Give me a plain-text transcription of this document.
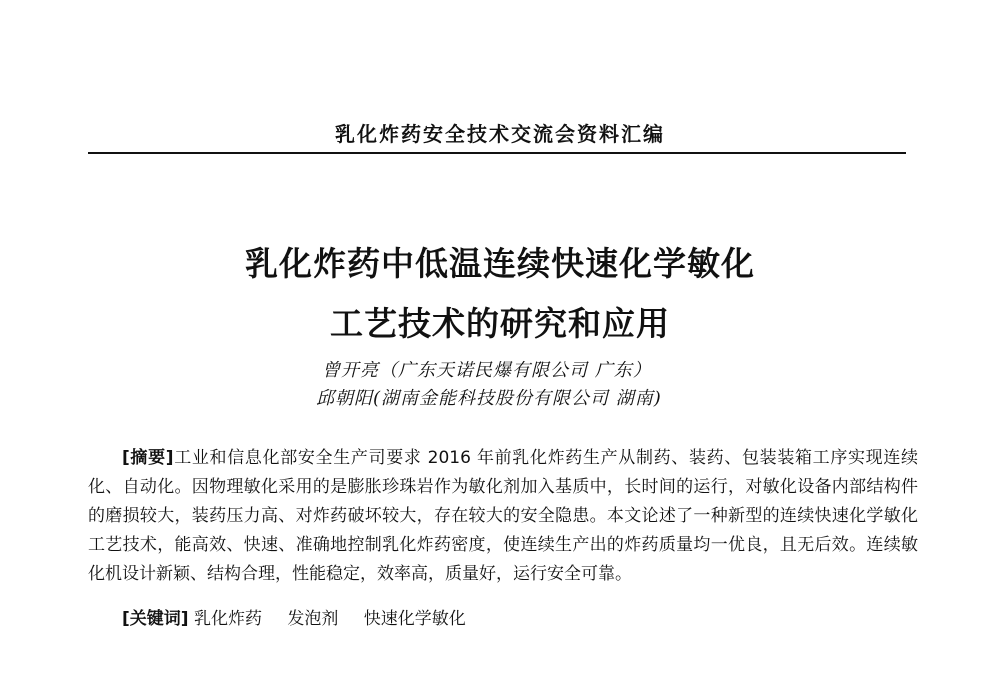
乳化炸药安全技术交流会资料汇编
乳化炸药中低温连续快速化学敏化
工艺技术的研究和应用
曾开亮（广东天诺民爆有限公司 广东）
邱朝阳(湖南金能科技股份有限公司 湖南)
[摘要]工业和信息化部安全生产司要求 2016 年前乳化炸药生产从制药、装药、包装装箱工序实现连续化、自动化。因物理敏化采用的是膨胀珍珠岩作为敏化剂加入基质中，长时间的运行，对敏化设备内部结构件的磨损较大，装药压力高、对炸药破坏较大，存在较大的安全隐患。本文论述了一种新型的连续快速化学敏化工艺技术，能高效、快速、准确地控制乳化炸药密度，使连续生产出的炸药质量均一优良，且无后效。连续敏化机设计新颖、结构合理，性能稳定，效率高，质量好，运行安全可靠。
[关键词] 乳化炸药 发泡剂 快速化学敏化
